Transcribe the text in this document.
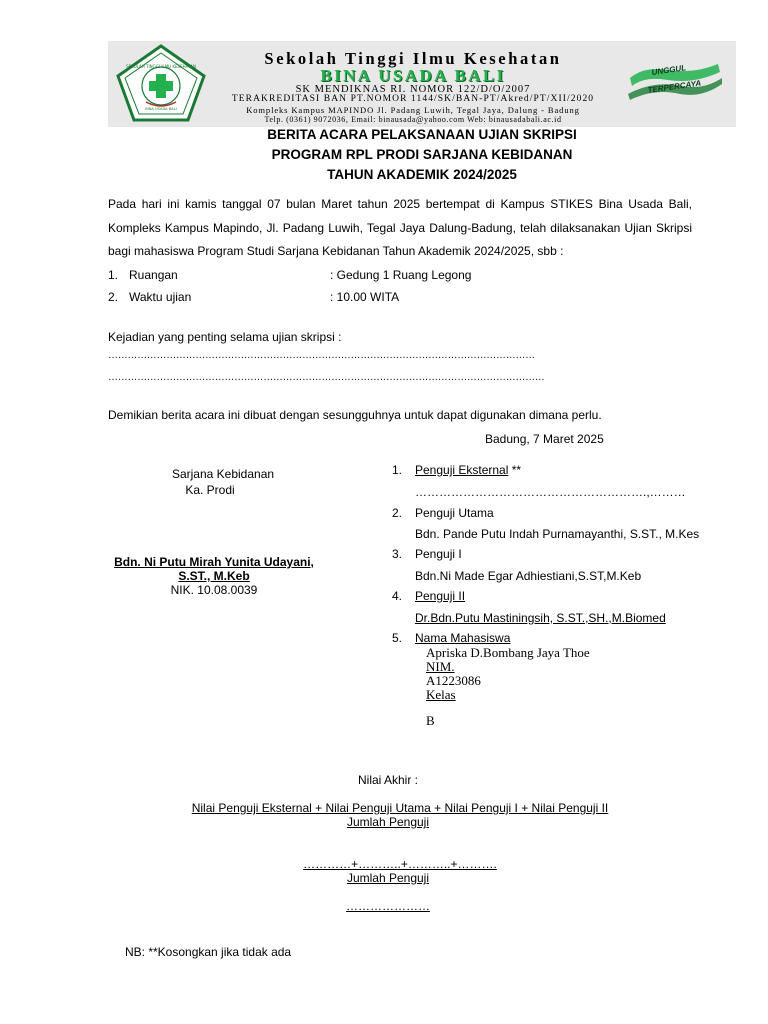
SEKOLAH TINGGI ILMU KESEHATAN
BINA USADA BALI
Sekolah Tinggi Ilmu Kesehatan
BINA USADA BALI
SK MENDIKNAS RI. NOMOR 122/D/O/2007
TERAKREDITASI BAN PT.NOMOR 1144/SK/BAN-PT/Akred/PT/XII/2020
Kompleks Kampus MAPINDO Jl. Padang Luwih, Tegal Jaya, Dalung - Badung
Telp. (0361) 9072036, Email: binausada@yahoo.com Web: binausadabali.ac.id
UNGGUL
TERPERCAYA
BERITA ACARA PELAKSANAAN UJIAN SKRIPSI
PROGRAM RPL PRODI SARJANA KEBIDANAN
TAHUN AKADEMIK 2024/2025
Pada hari ini kamis tanggal 07 bulan Maret tahun 2025 bertempat di Kampus STIKES Bina Usada Bali, Kompleks Kampus Mapindo, Jl. Padang Luwih, Tegal Jaya Dalung-Badung, telah dilaksanakan Ujian Skripsi bagi mahasiswa Program Studi Sarjana Kebidanan Tahun Akademik 2024/2025, sbb :
1. Ruangan	: Gedung 1 Ruang Legong
2. Waktu ujian	: 10.00 WITA
Kejadian yang penting selama ujian skripsi :
……………………………………………………………………………………………………………………
………………………………………………………………………………………………………………………
Demikian berita acara ini dibuat dengan sesungguhnya untuk dapat digunakan dimana perlu.
Badung, 7 Maret 2025
Sarjana Kebidanan
Ka. Prodi
Bdn. Ni Putu Mirah Yunita Udayani,
S.ST., M.Keb
NIK. 10.08.0039
1. Penguji Eksternal **
………………………………………………….,………
2. Penguji Utama
Bdn. Pande Putu Indah Purnamayanthi, S.ST., M.Kes
3. Penguji I
Bdn.Ni Made Egar Adhiestiani,S.ST,M.Keb
4. Penguji II
Dr.Bdn.Putu Mastiningsih, S.ST.,SH.,M.Biomed
5. Nama Mahasiswa
Apriska D.Bombang Jaya Thoe
NIM.
A1223086
Kelas
B
Nilai Akhir :
Nilai Penguji Eksternal + Nilai Penguji Utama + Nilai Penguji I + Nilai Penguji II
Jumlah Penguji
…………+………..+………..+……….
Jumlah Penguji
…………………
NB: **Kosongkan jika tidak ada
